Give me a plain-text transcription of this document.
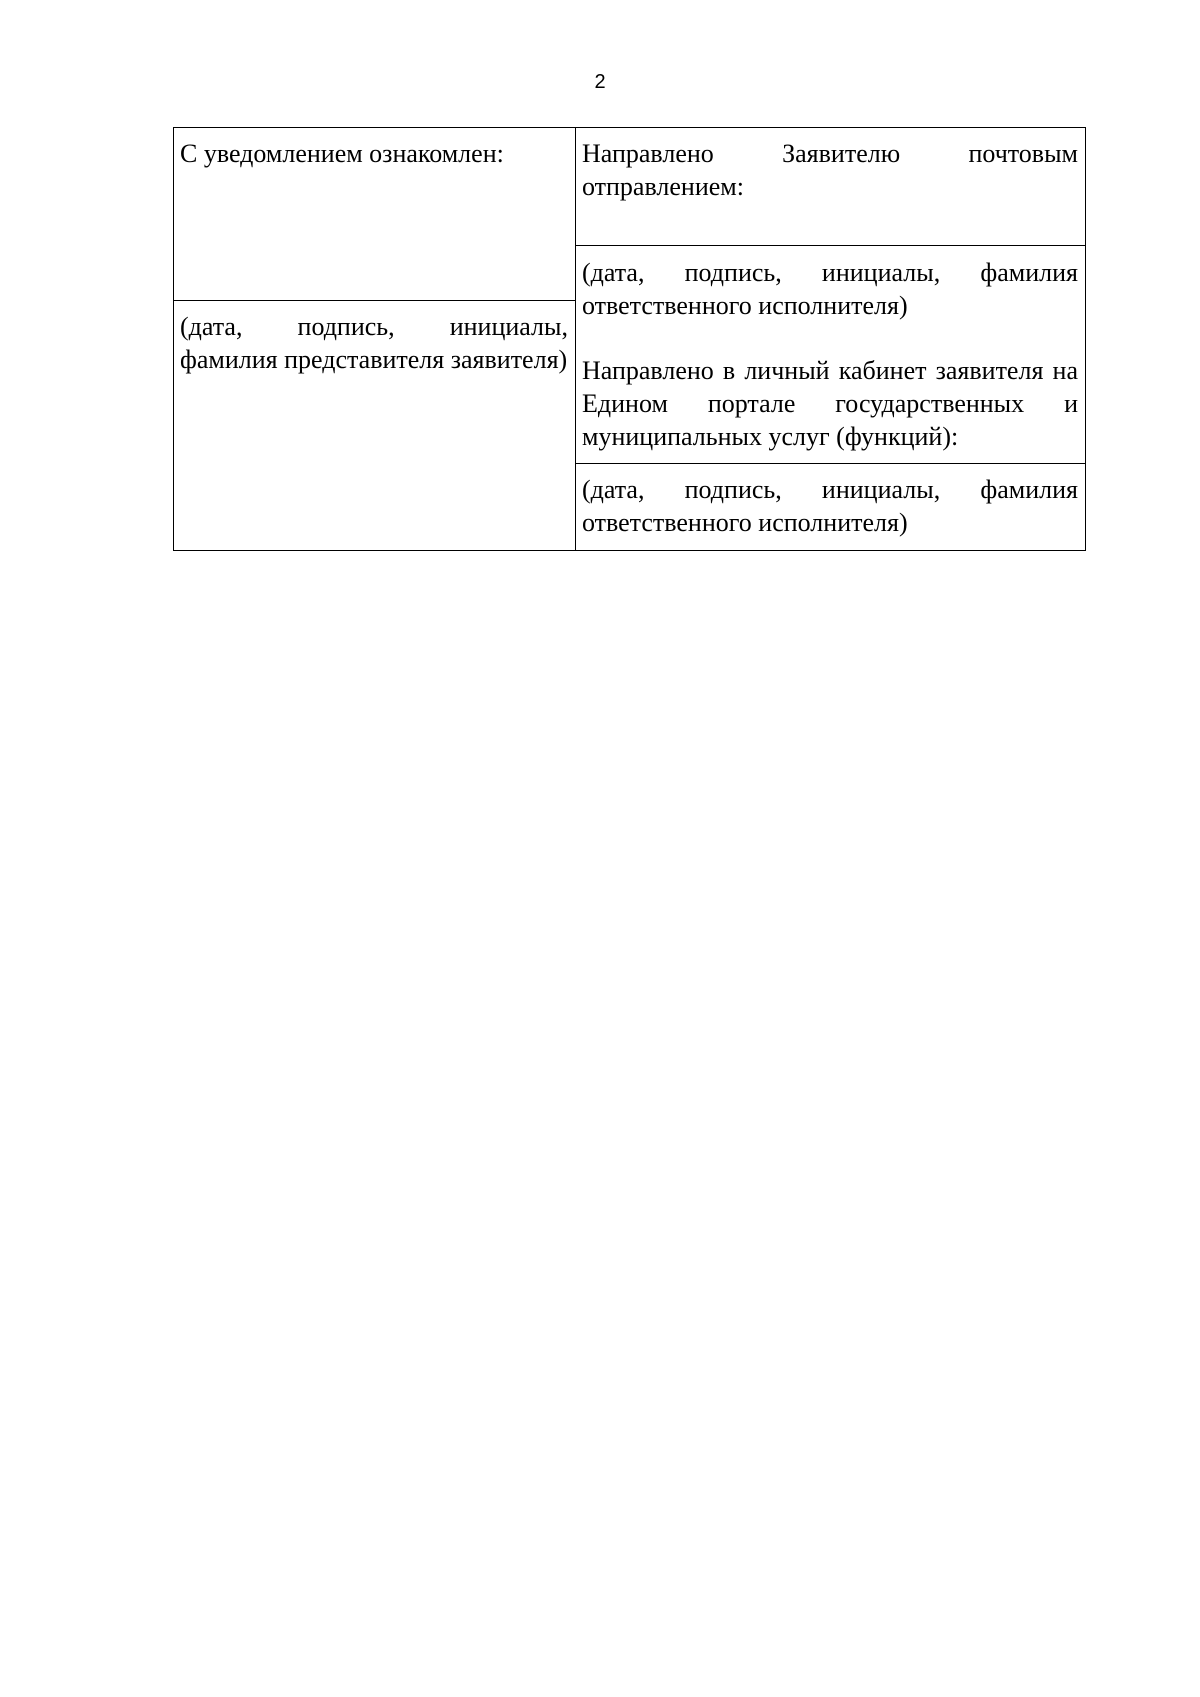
2

С уведомлением ознакомлен:

(дата, подпись, инициалы, фамилия представителя заявителя)

Направлено Заявителю почтовым отправлением:

(дата, подпись, инициалы, фамилия ответственного исполнителя)

Направлено в личный кабинет заявителя на Едином портале государственных и муниципальных услуг (функций):

(дата, подпись, инициалы, фамилия ответственного исполнителя)
